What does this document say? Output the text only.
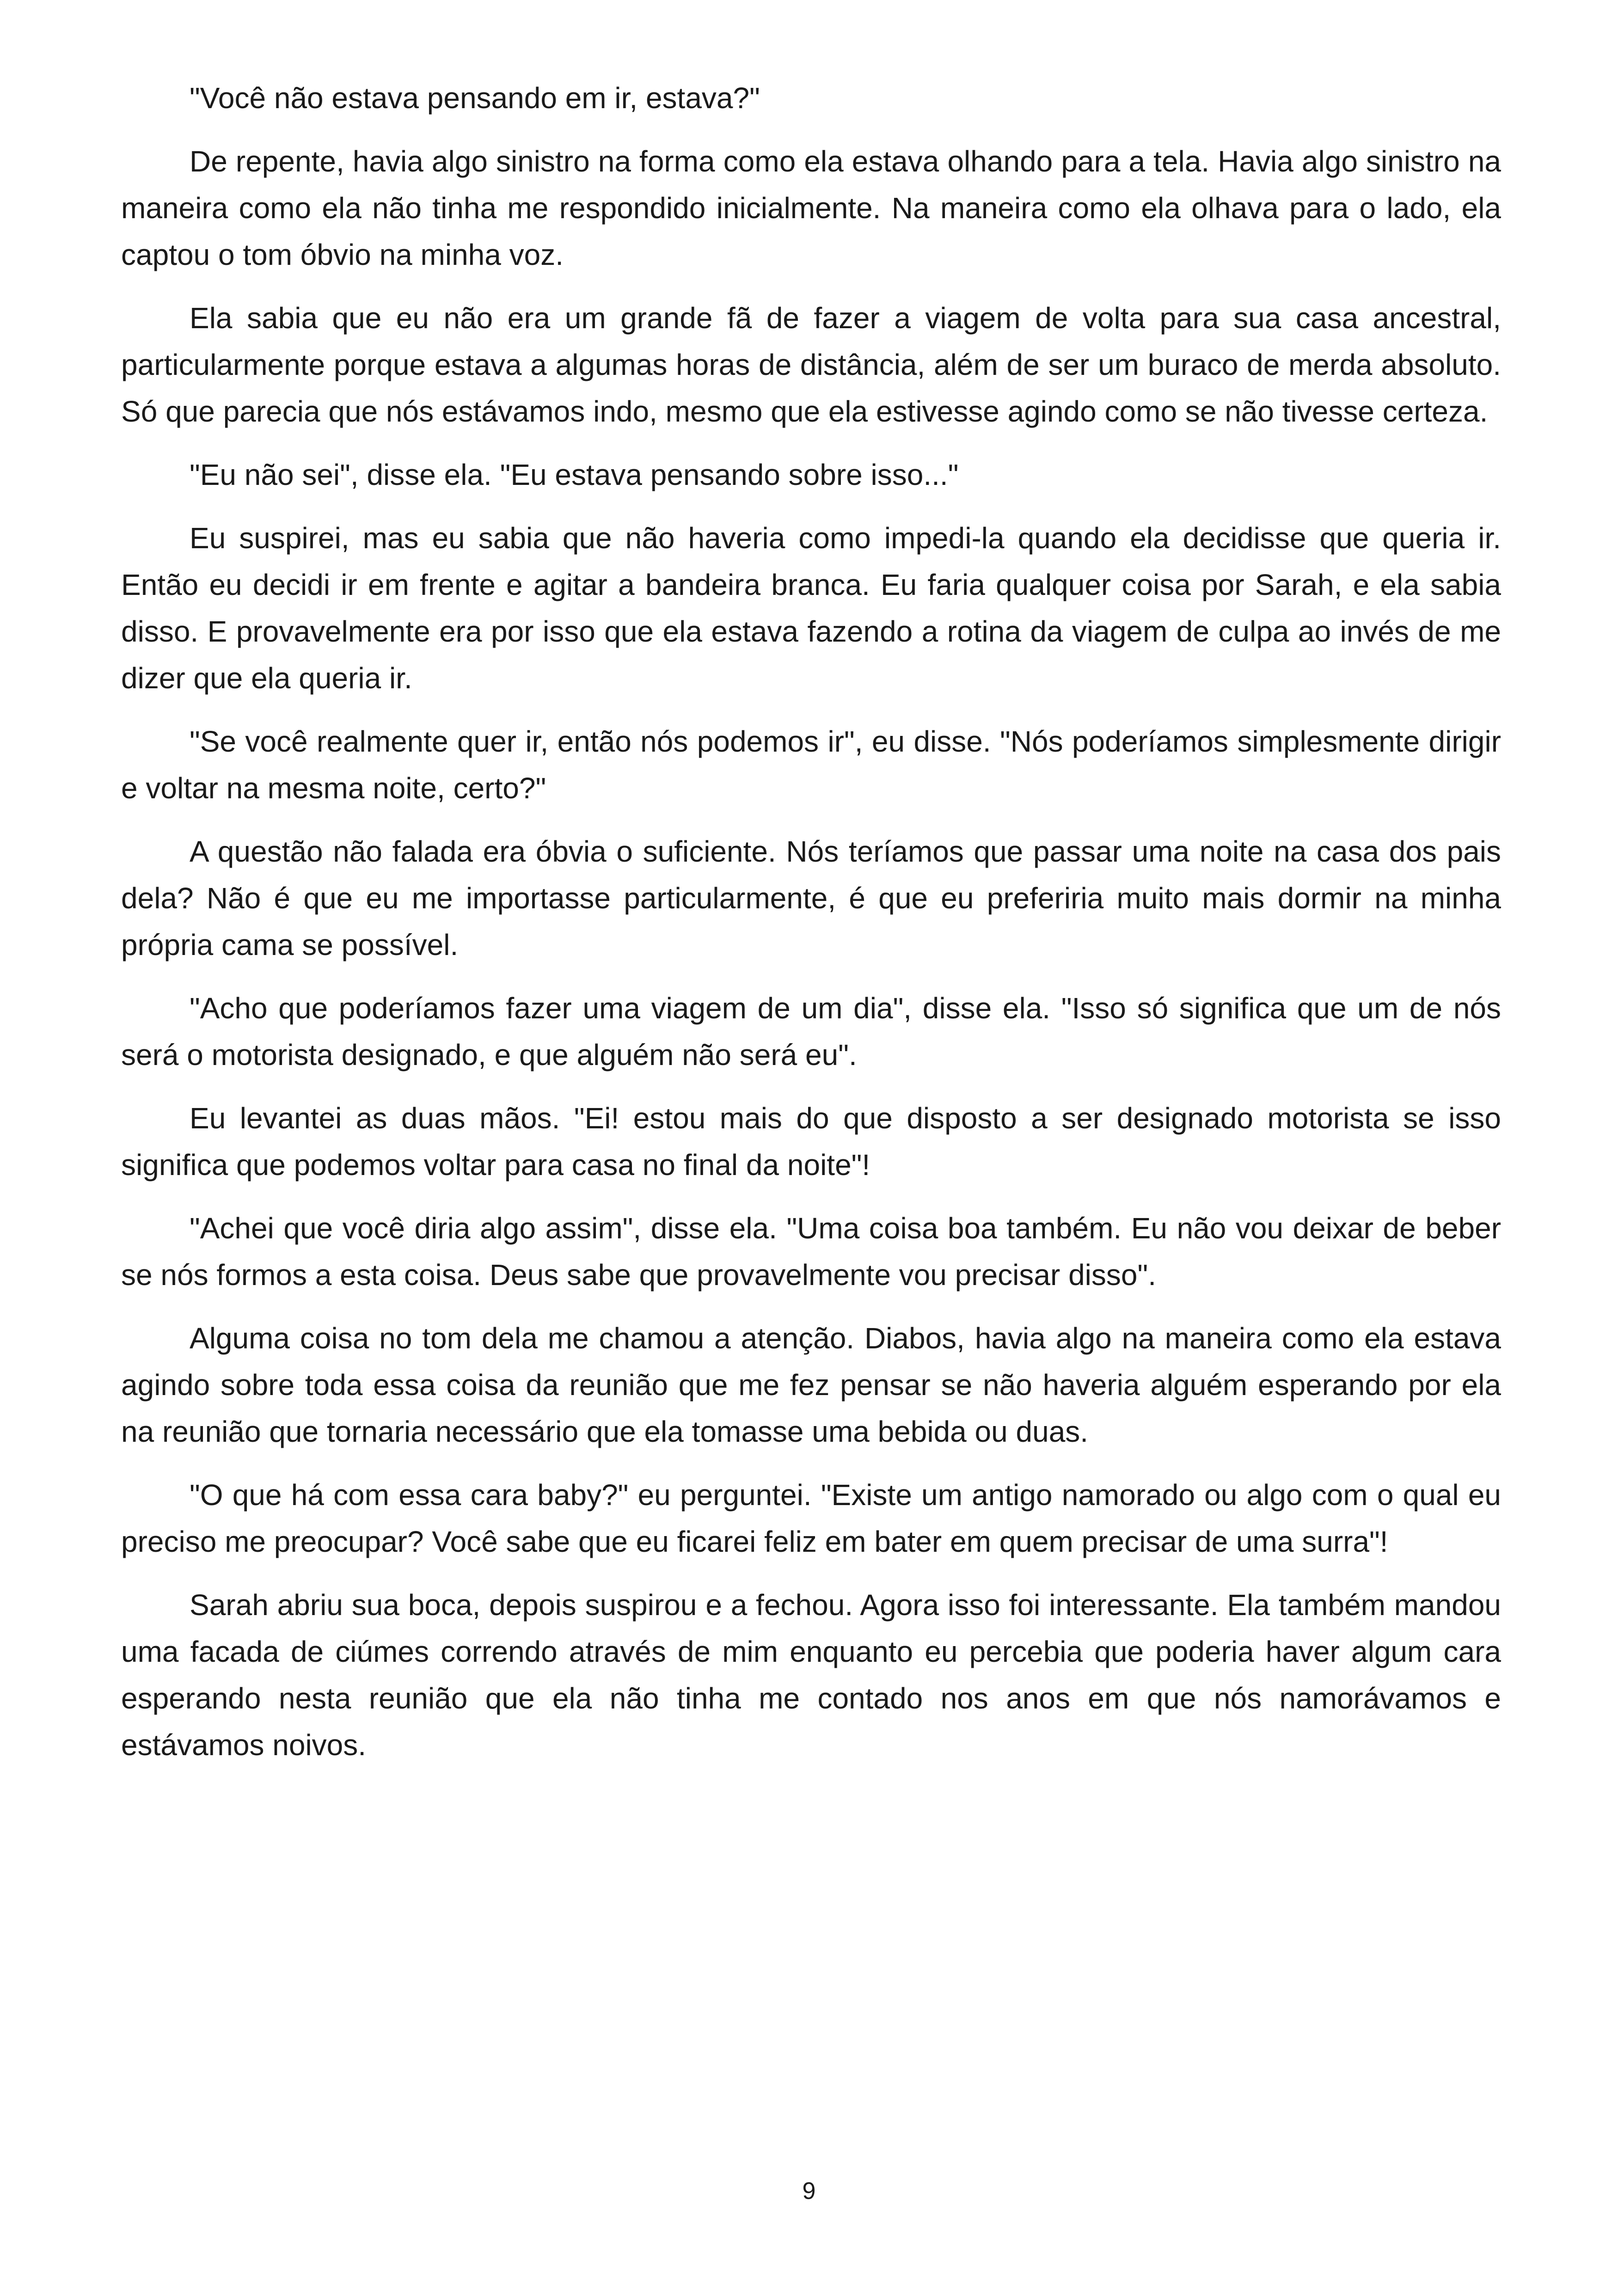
"Você não estava pensando em ir, estava?"

De repente, havia algo sinistro na forma como ela estava olhando para a tela. Havia algo sinistro na maneira como ela não tinha me respondido inicialmente. Na maneira como ela olhava para o lado, ela captou o tom óbvio na minha voz.

Ela sabia que eu não era um grande fã de fazer a viagem de volta para sua casa ancestral, particularmente porque estava a algumas horas de distância, além de ser um buraco de merda absoluto. Só que parecia que nós estávamos indo, mesmo que ela estivesse agindo como se não tivesse certeza.

"Eu não sei", disse ela. "Eu estava pensando sobre isso..."

Eu suspirei, mas eu sabia que não haveria como impedi-la quando ela decidisse que queria ir. Então eu decidi ir em frente e agitar a bandeira branca. Eu faria qualquer coisa por Sarah, e ela sabia disso. E provavelmente era por isso que ela estava fazendo a rotina da viagem de culpa ao invés de me dizer que ela queria ir.

"Se você realmente quer ir, então nós podemos ir", eu disse. "Nós poderíamos simplesmente dirigir e voltar na mesma noite, certo?"

A questão não falada era óbvia o suficiente. Nós teríamos que passar uma noite na casa dos pais dela? Não é que eu me importasse particularmente, é que eu preferiria muito mais dormir na minha própria cama se possível.

"Acho que poderíamos fazer uma viagem de um dia", disse ela. "Isso só significa que um de nós será o motorista designado, e que alguém não será eu".

Eu levantei as duas mãos. "Ei! estou mais do que disposto a ser designado motorista se isso significa que podemos voltar para casa no final da noite"!

"Achei que você diria algo assim", disse ela. "Uma coisa boa também. Eu não vou deixar de beber se nós formos a esta coisa. Deus sabe que provavelmente vou precisar disso".

Alguma coisa no tom dela me chamou a atenção. Diabos, havia algo na maneira como ela estava agindo sobre toda essa coisa da reunião que me fez pensar se não haveria alguém esperando por ela na reunião que tornaria necessário que ela tomasse uma bebida ou duas.

"O que há com essa cara baby?" eu perguntei. "Existe um antigo namorado ou algo com o qual eu preciso me preocupar? Você sabe que eu ficarei feliz em bater em quem precisar de uma surra"!

Sarah abriu sua boca, depois suspirou e a fechou. Agora isso foi interessante. Ela também mandou uma facada de ciúmes correndo através de mim enquanto eu percebia que poderia haver algum cara esperando nesta reunião que ela não tinha me contado nos anos em que nós namorávamos e estávamos noivos.

9
